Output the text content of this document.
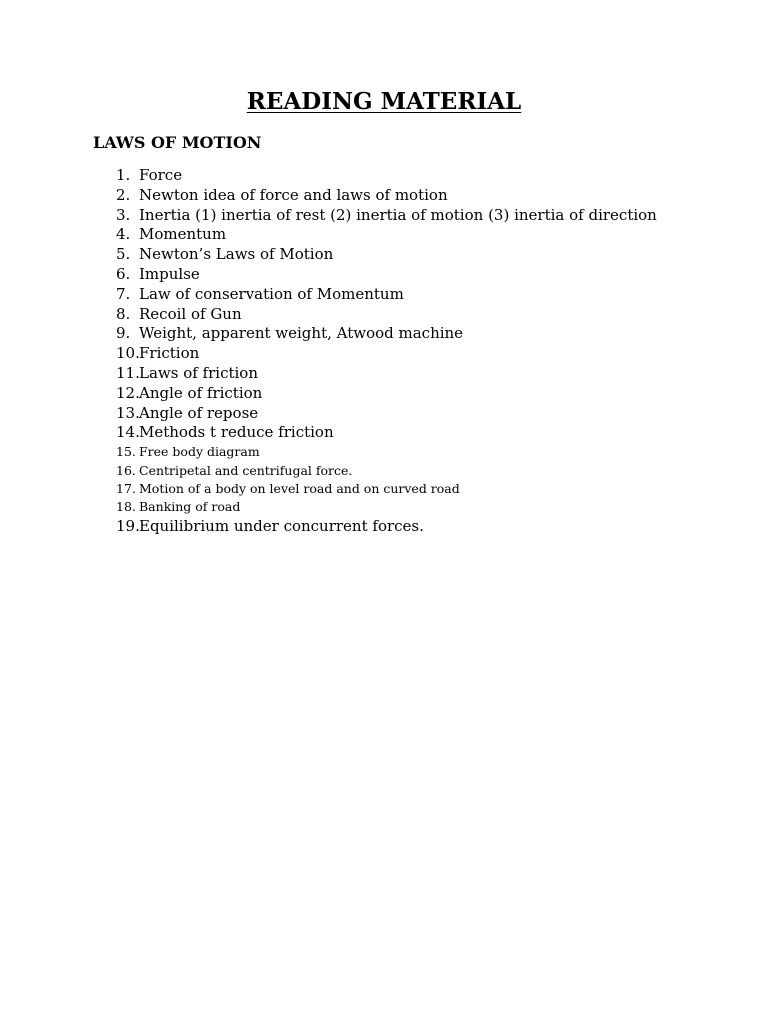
READING MATERIAL
LAWS OF MOTION
1. Force
2. Newton idea of force and laws of motion
3. Inertia (1) inertia of rest (2) inertia of motion (3) inertia of direction
4. Momentum
5. Newton’s Laws of Motion
6. Impulse
7. Law of conservation of Momentum
8. Recoil of Gun
9. Weight, apparent weight, Atwood machine
10. Friction
11. Laws of friction
12. Angle of friction
13. Angle of repose
14. Methods t reduce friction
15. Free body diagram
16. Centripetal and centrifugal force.
17. Motion of a body on level road and on curved road
18. Banking of road
19. Equilibrium under concurrent forces.
